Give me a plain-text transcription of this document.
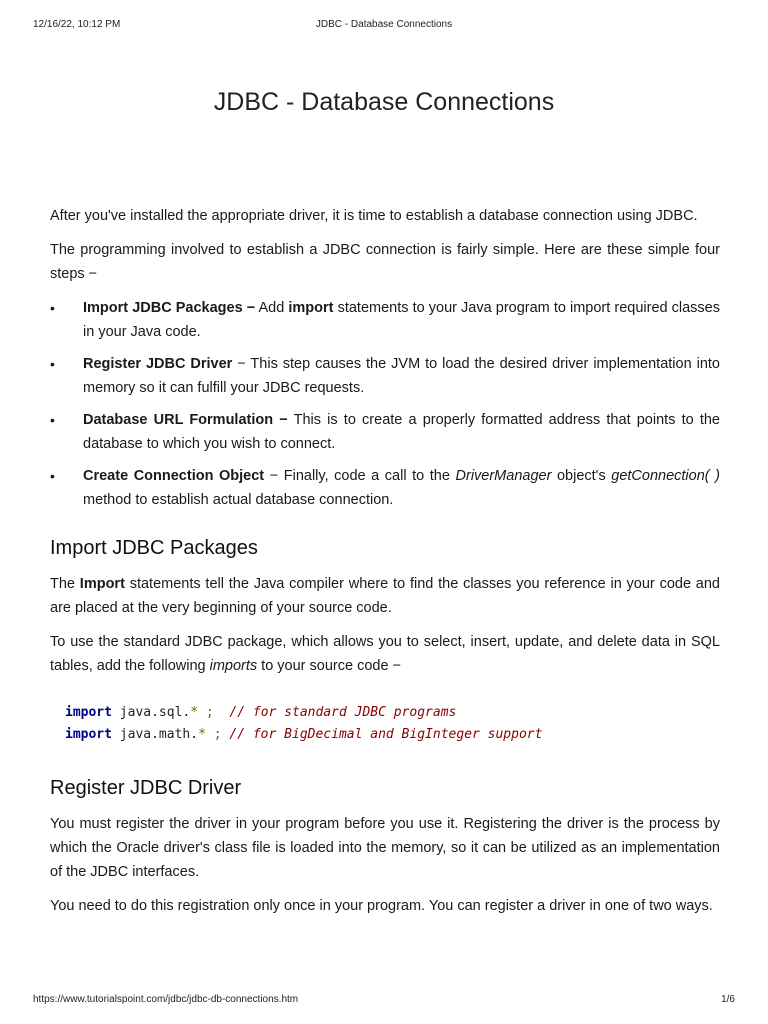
12/16/22, 10:12 PM	JDBC - Database Connections
JDBC - Database Connections

After you've installed the appropriate driver, it is time to establish a database connection using JDBC.

The programming involved to establish a JDBC connection is fairly simple. Here are these simple four steps −

• Import JDBC Packages − Add import statements to your Java program to import required classes in your Java code.
• Register JDBC Driver − This step causes the JVM to load the desired driver implementation into memory so it can fulfill your JDBC requests.
• Database URL Formulation − This is to create a properly formatted address that points to the database to which you wish to connect.
• Create Connection Object − Finally, code a call to the DriverManager object's getConnection( ) method to establish actual database connection.
Import JDBC Packages

The Import statements tell the Java compiler where to find the classes you reference in your code and are placed at the very beginning of your source code.

To use the standard JDBC package, which allows you to select, insert, update, and delete data in SQL tables, add the following imports to your source code −

import java.sql.* ; // for standard JDBC programs
import java.math.* ; // for BigDecimal and BigInteger support
Register JDBC Driver

You must register the driver in your program before you use it. Registering the driver is the process by which the Oracle driver's class file is loaded into the memory, so it can be utilized as an implementation of the JDBC interfaces.

You need to do this registration only once in your program. You can register a driver in one of two ways.

https://www.tutorialspoint.com/jdbc/jdbc-db-connections.htm	1/6
